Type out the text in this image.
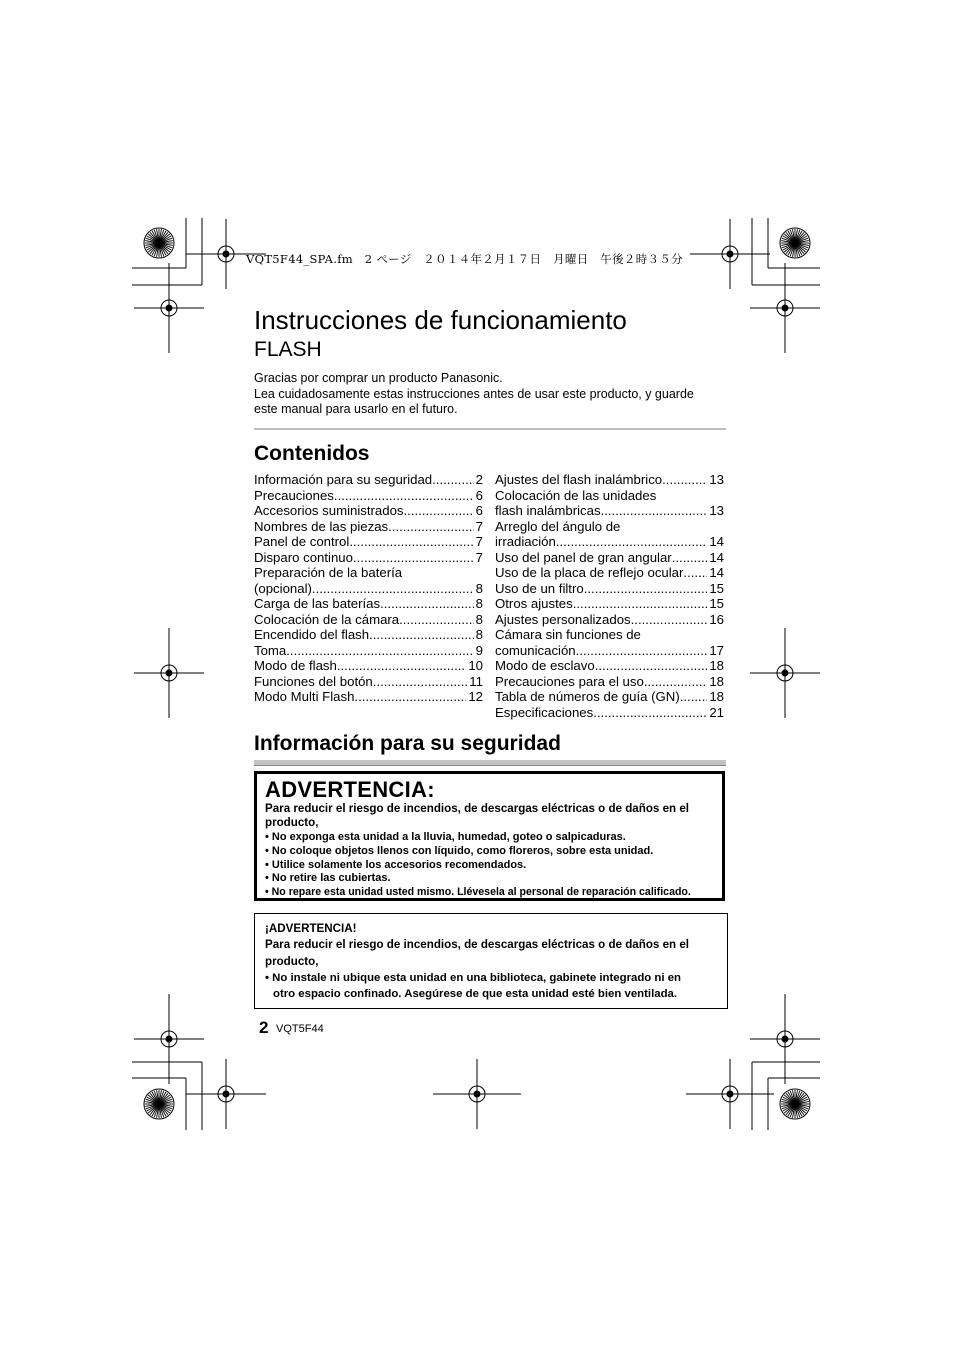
VQT5F44_SPA.fm　2 ページ　２０１４年２月１７日　月曜日　午後２時３５分
Instrucciones de funcionamiento
FLASH
Gracias por comprar un producto Panasonic.
Lea cuidadosamente estas instrucciones antes de usar este producto, y guarde
este manual para usarlo en el futuro.
Contenidos
Información para su seguridad .....	2
Precauciones .....	6
Accesorios suministrados .....	6
Nombres de las piezas .....	7
Panel de control .....	7
Disparo continuo .....	7
Preparación de la batería
(opcional) .....	8
Carga de las baterías .....	8
Colocación de la cámara .....	8
Encendido del flash .....	8
Toma .....	9
Modo de flash .....	10
Funciones del botón .....	11
Modo Multi Flash .....	12
Ajustes del flash inalámbrico .....	13
Colocación de las unidades
flash inalámbricas .....	13
Arreglo del ángulo de
irradiación .....	14
Uso del panel de gran angular .....	14
Uso de la placa de reflejo ocular ..... 14
Uso de un filtro .....	15
Otros ajustes .....	15
Ajustes personalizados .....	16
Cámara sin funciones de
comunicación .....	17
Modo de esclavo .....	18
Precauciones para el uso .....	18
Tabla de números de guía (GN) ..... 18
Especificaciones .....	21
Información para su seguridad
ADVERTENCIA:
Para reducir el riesgo de incendios, de descargas eléctricas o de daños en el producto,
• No exponga esta unidad a la lluvia, humedad, goteo o salpicaduras.
• No coloque objetos llenos con líquido, como floreros, sobre esta unidad.
• Utilice solamente los accesorios recomendados.
• No retire las cubiertas.
• No repare esta unidad usted mismo. Llévesela al personal de reparación calificado.
¡ADVERTENCIA!
Para reducir el riesgo de incendios, de descargas eléctricas o de daños en el producto,
• No instale ni ubique esta unidad en una biblioteca, gabinete integrado ni en
otro espacio confinado. Asegúrese de que esta unidad esté bien ventilada.
2 VQT5F44
